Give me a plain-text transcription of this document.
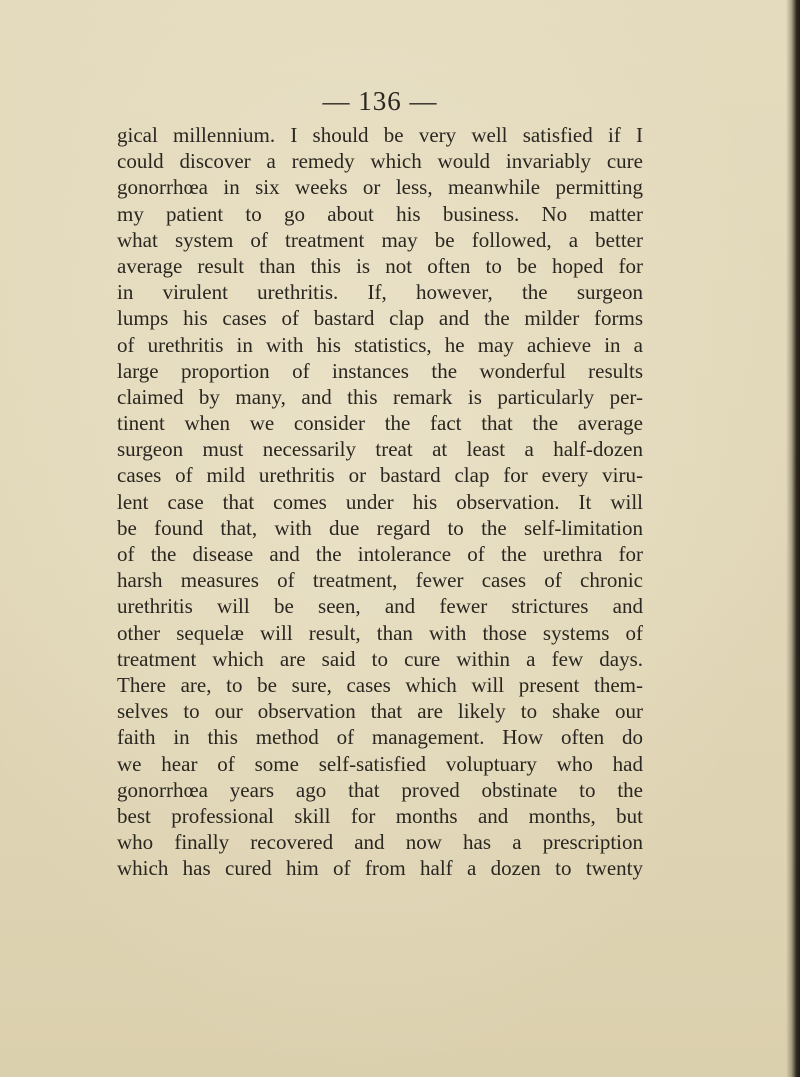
— 136 —
gical millennium. I should be very well satisfied if I
could discover a remedy which would invariably cure
gonorrhœa in six weeks or less, meanwhile permitting
my patient to go about his business. No matter
what system of treatment may be followed, a better
average result than this is not often to be hoped for
in virulent urethritis. If, however, the surgeon
lumps his cases of bastard clap and the milder forms
of urethritis in with his statistics, he may achieve in a
large proportion of instances the wonderful results
claimed by many, and this remark is particularly per-
tinent when we consider the fact that the average
surgeon must necessarily treat at least a half-dozen
cases of mild urethritis or bastard clap for every viru-
lent case that comes under his observation. It will
be found that, with due regard to the self-limitation
of the disease and the intolerance of the urethra for
harsh measures of treatment, fewer cases of chronic
urethritis will be seen, and fewer strictures and
other sequelæ will result, than with those systems of
treatment which are said to cure within a few days.
There are, to be sure, cases which will present them-
selves to our observation that are likely to shake our
faith in this method of management. How often do
we hear of some self-satisfied voluptuary who had
gonorrhœa years ago that proved obstinate to the
best professional skill for months and months, but
who finally recovered and now has a prescription
which has cured him of from half a dozen to twenty
